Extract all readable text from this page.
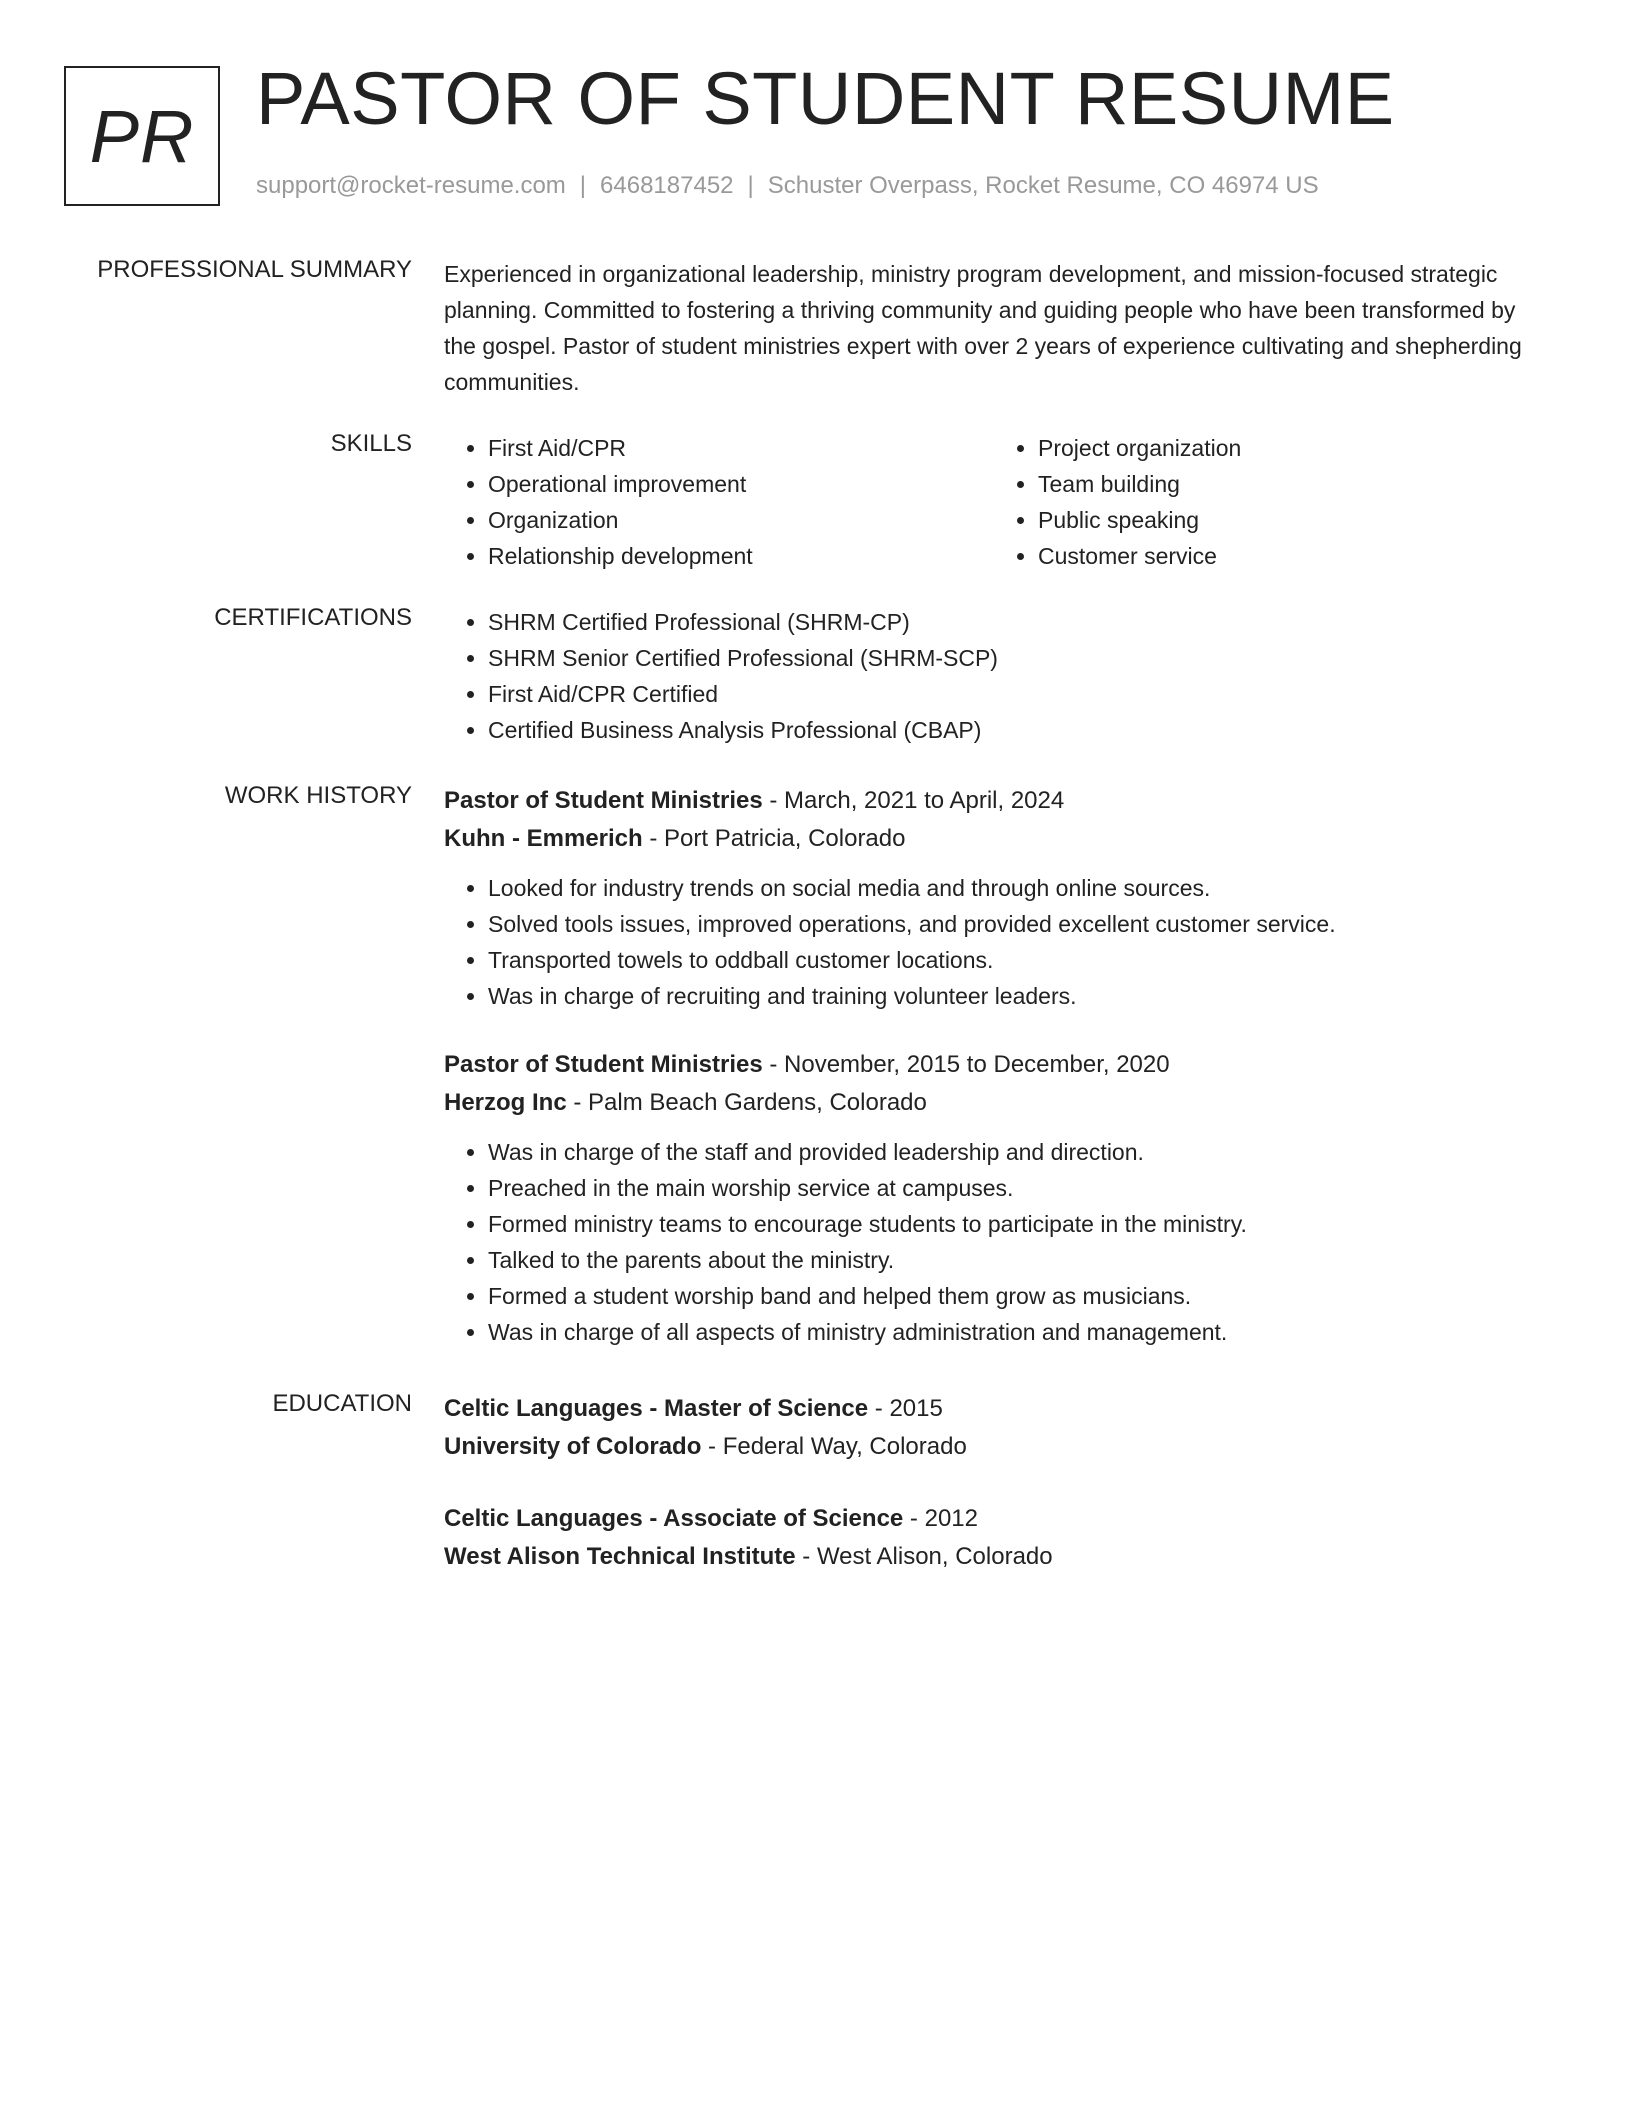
PR PASTOR OF STUDENT RESUME
support@rocket-resume.com | 6468187452 | Schuster Overpass, Rocket Resume, CO 46974 US
PROFESSIONAL SUMMARY Experienced in organizational leadership, ministry program development, and mission-focused strategic planning. Committed to fostering a thriving community and guiding people who have been transformed by the gospel. Pastor of student ministries expert with over 2 years of experience cultivating and shepherding communities.

SKILLS	• First Aid/CPR
• Operational improvement
• Organization
• Relationship development
• Project organization
• Team building
• Public speaking
• Customer service
CERTIFICATIONS	• SHRM Certified Professional (SHRM-CP)
• SHRM Senior Certified Professional (SHRM-SCP)
• First Aid/CPR Certified
• Certified Business Analysis Professional (CBAP)
WORK HISTORY Pastor of Student Ministries - March, 2021 to April, 2024
Kuhn - Emmerich - Port Patricia, Colorado
• Looked for industry trends on social media and through online sources.
• Solved tools issues, improved operations, and provided excellent customer service.
• Transported towels to oddball customer locations.
• Was in charge of recruiting and training volunteer leaders.
Pastor of Student Ministries - November, 2015 to December, 2020
Herzog Inc - Palm Beach Gardens, Colorado
• Was in charge of the staff and provided leadership and direction.
• Preached in the main worship service at campuses.
• Formed ministry teams to encourage students to participate in the ministry.
• Talked to the parents about the ministry.
• Formed a student worship band and helped them grow as musicians.
• Was in charge of all aspects of ministry administration and management.
EDUCATION Celtic Languages - Master of Science - 2015
University of Colorado - Federal Way, Colorado
Celtic Languages - Associate of Science - 2012
West Alison Technical Institute - West Alison, Colorado
